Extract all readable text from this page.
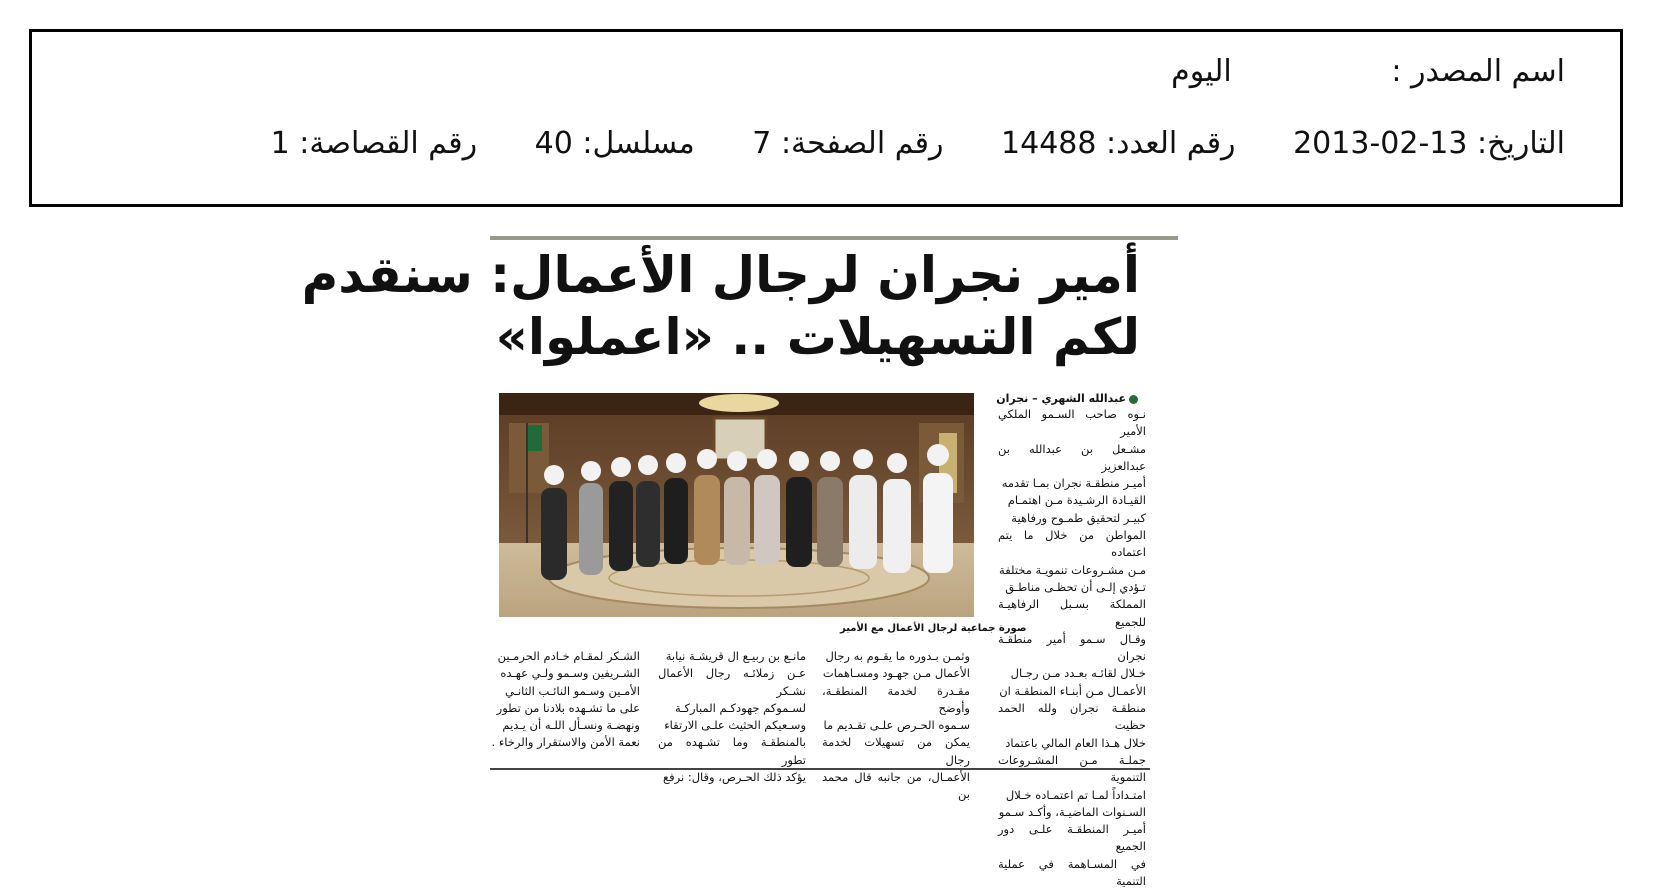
اسم المصدر : اليوم
التاريخ: 13-02-2013 رقم العدد: 14488 رقم الصفحة: 7 مسلسل: 40 رقم القصاصة: 1
أمير نجران لرجال الأعمال: سنقدم
لكم التسهيلات .. «اعملوا»
عبدالله الشهري – نجران
صورة جماعية لرجال الأعمال مع الأمير

نـوه صاحب السـمو الملكي الأمير

مشـعل بن عبدالله بن عبدالعزيز

أميـر منطقـة نجران بمـا تقدمه

القيـادة الرشـيدة مـن اهتمـام

كبيـر لتحقيق طمـوح ورفاهية

المواطن من خلال ما يتم اعتماده

مـن مشـروعات تنمويـة مختلفة

تـؤدي إلـى أن تحظـى مناطـق

المملكة بسـبل الرفاهيـة للجميع

وقـال سـمو أمير منطقـة نجران

خـلال لقائـه بعـدد مـن رجـال

الأعمـال مـن أبنـاء المنطقـة ان

منطقـة نجران ولله الحمد حظيت

خلال هـذا العام المالي باعتماد

جملـة مـن المشـروعات التنموية

امتـداداً لمـا تم اعتمـاده خـلال

السـنوات الماضيـة، وأكـد سـمو

أميـر المنطقـة علـى دور الجميع

في المسـاهمة في عملية التنمية

وثمـن بـدوره ما يقـوم به رجال

الأعمال مـن جهـود ومسـاهمات

مقـدرة لخدمة المنطقـة، وأوضح

سـموه الحـرص علـى تقـديم ما

يمكن من تسهيلات لخدمة رجال

الأعمـال، من جانبه قال محمد بن

مانـع بن ربيـع ال قريشـة نيابة

عـن زملائـه رجال الأعمال نشـكر

لسـموكم جهودكـم المباركـة

وسـعيكم الحثيث علـى الارتقاء

بالمنطقـة وما تشـهده من تطور

يؤكد ذلك الحـرص، وقال: نرفع

الشـكر لمقـام خـادم الحرمـين

الشـريفين وسـمو ولـي عهـده

الأمـين وسـمو النائـب الثانـي

على ما تشـهده بلادنا من تطور

ونهضـة ونسـأل اللـه أن يـديم

نعمة الأمن والاستقرار والرخاء .
